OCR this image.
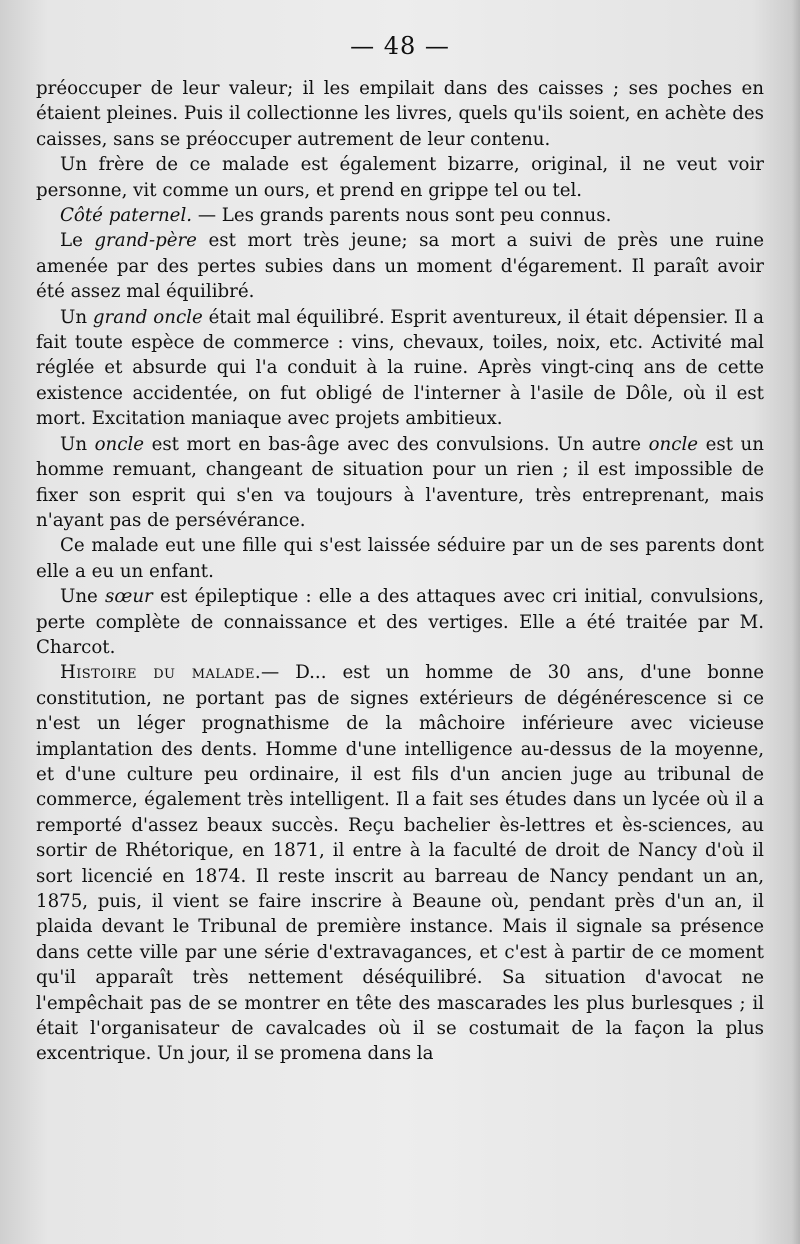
— 48 —

préoccuper de leur valeur; il les empilait dans des caisses ; ses poches en étaient pleines. Puis il collectionne les livres, quels qu'ils soient, en achète des caisses, sans se préoccuper autrement de leur contenu.

Un frère de ce malade est également bizarre, original, il ne veut voir personne, vit comme un ours, et prend en grippe tel ou tel.

Côté paternel. — Les grands parents nous sont peu connus.

Le grand-père est mort très jeune; sa mort a suivi de près une ruine amenée par des pertes subies dans un moment d'égarement. Il paraît avoir été assez mal équilibré.

Un grand oncle était mal équilibré. Esprit aventureux, il était dépensier. Il a fait toute espèce de commerce : vins, chevaux, toiles, noix, etc. Activité mal réglée et absurde qui l'a conduit à la ruine. Après vingt-cinq ans de cette existence accidentée, on fut obligé de l'interner à l'asile de Dôle, où il est mort. Excitation maniaque avec projets ambitieux.

Un oncle est mort en bas-âge avec des convulsions. Un autre oncle est un homme remuant, changeant de situation pour un rien ; il est impossible de fixer son esprit qui s'en va toujours à l'aventure, très entreprenant, mais n'ayant pas de persévérance.

Ce malade eut une fille qui s'est laissée séduire par un de ses parents dont elle a eu un enfant.

Une sœur est épileptique : elle a des attaques avec cri initial, convulsions, perte complète de connaissance et des vertiges. Elle a été traitée par M. Charcot.

Histoire du malade.— D... est un homme de 30 ans, d'une bonne constitution, ne portant pas de signes extérieurs de dégénérescence si ce n'est un léger prognathisme de la mâchoire inférieure avec vicieuse implantation des dents. Homme d'une intelligence au-dessus de la moyenne, et d'une culture peu ordinaire, il est fils d'un ancien juge au tribunal de commerce, également très intelligent. Il a fait ses études dans un lycée où il a remporté d'assez beaux succès. Reçu bachelier ès-lettres et ès-sciences, au sortir de Rhétorique, en 1871, il entre à la faculté de droit de Nancy d'où il sort licencié en 1874. Il reste inscrit au barreau de Nancy pendant un an, 1875, puis, il vient se faire inscrire à Beaune où, pendant près d'un an, il plaida devant le Tribunal de première instance. Mais il signale sa présence dans cette ville par une série d'extravagances, et c'est à partir de ce moment qu'il apparaît très nettement déséquilibré. Sa situation d'avocat ne l'empêchait pas de se montrer en tête des mascarades les plus burlesques ; il était l'organisateur de cavalcades où il se costumait de la façon la plus excentrique. Un jour, il se promena dans la
